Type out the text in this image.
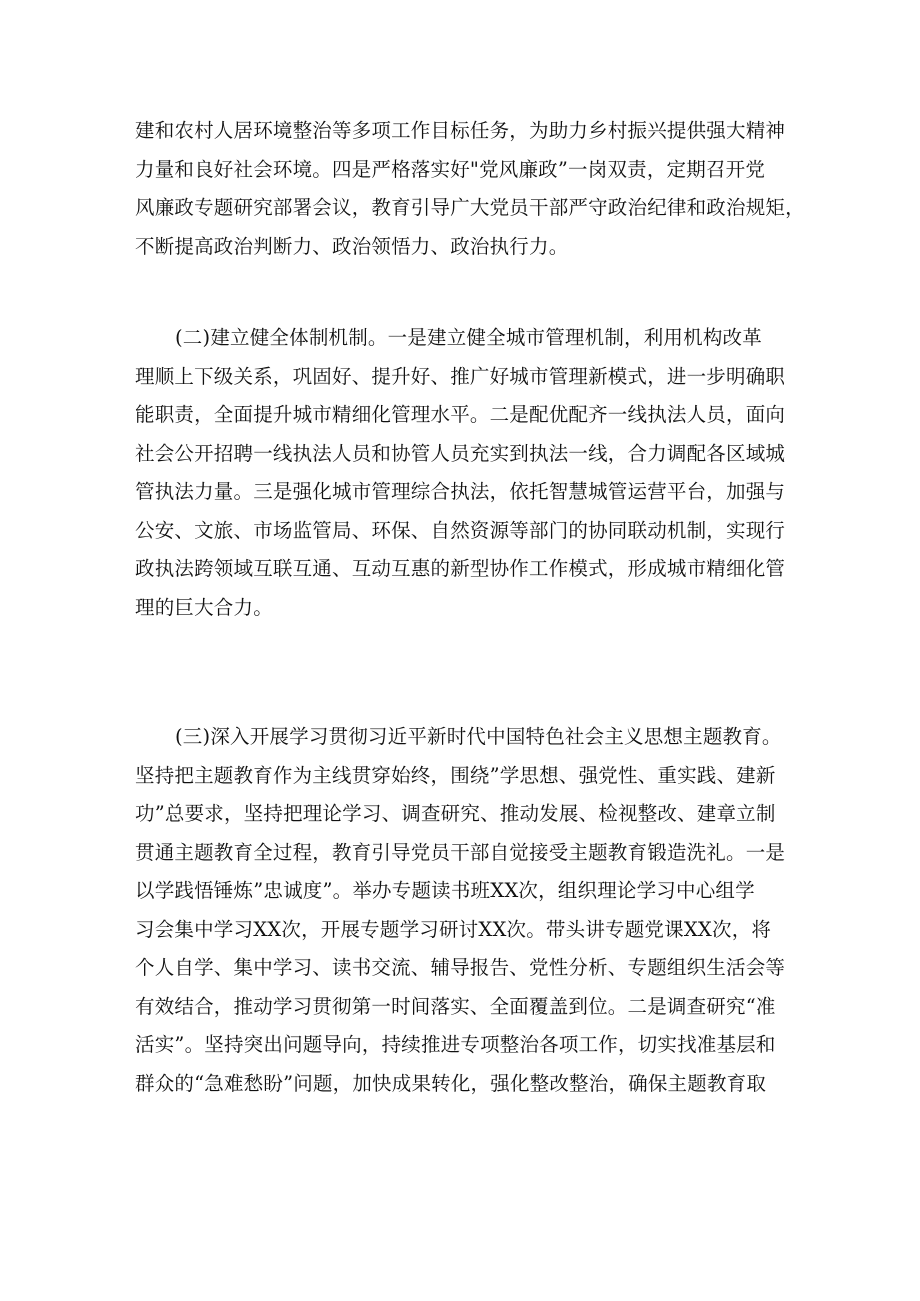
建和农村人居环境整治等多项工作目标任务，为助力乡村振兴提供强大精神
力量和良好社会环境。四是严格落实好"党风廉政”一岗双责，定期召开党
风廉政专题研究部署会议，教育引导广大党员干部严守政治纪律和政治规矩，
不断提高政治判断力、政治领悟力、政治执行力。

(二)建立健全体制机制。一是建立健全城市管理机制，利用机构改革
理顺上下级关系，巩固好、提升好、推广好城市管理新模式，进一步明确职
能职责，全面提升城市精细化管理水平。二是配优配齐一线执法人员，面向
社会公开招聘一线执法人员和协管人员充实到执法一线，合力调配各区域城
管执法力量。三是强化城市管理综合执法，依托智慧城管运营平台，加强与
公安、文旅、市场监管局、环保、自然资源等部门的协同联动机制，实现行
政执法跨领域互联互通、互动互惠的新型协作工作模式，形成城市精细化管
理的巨大合力。

(三)深入开展学习贯彻习近平新时代中国特色社会主义思想主题教育。
坚持把主题教育作为主线贯穿始终，围绕”学思想、强党性、重实践、建新
功”总要求，坚持把理论学习、调查研究、推动发展、检视整改、建章立制
贯通主题教育全过程，教育引导党员干部自觉接受主题教育锻造洗礼。一是
以学践悟锤炼”忠诚度”。举办专题读书班XX次，组织理论学习中心组学
习会集中学习XX次，开展专题学习研讨XX次。带头讲专题党课XX次，将
个人自学、集中学习、读书交流、辅导报告、党性分析、专题组织生活会等
有效结合，推动学习贯彻第一时间落实、全面覆盖到位。二是调查研究“准
活实”。坚持突出问题导向，持续推进专项整治各项工作，切实找准基层和
群众的“急难愁盼”问题，加快成果转化，强化整改整治，确保主题教育取
